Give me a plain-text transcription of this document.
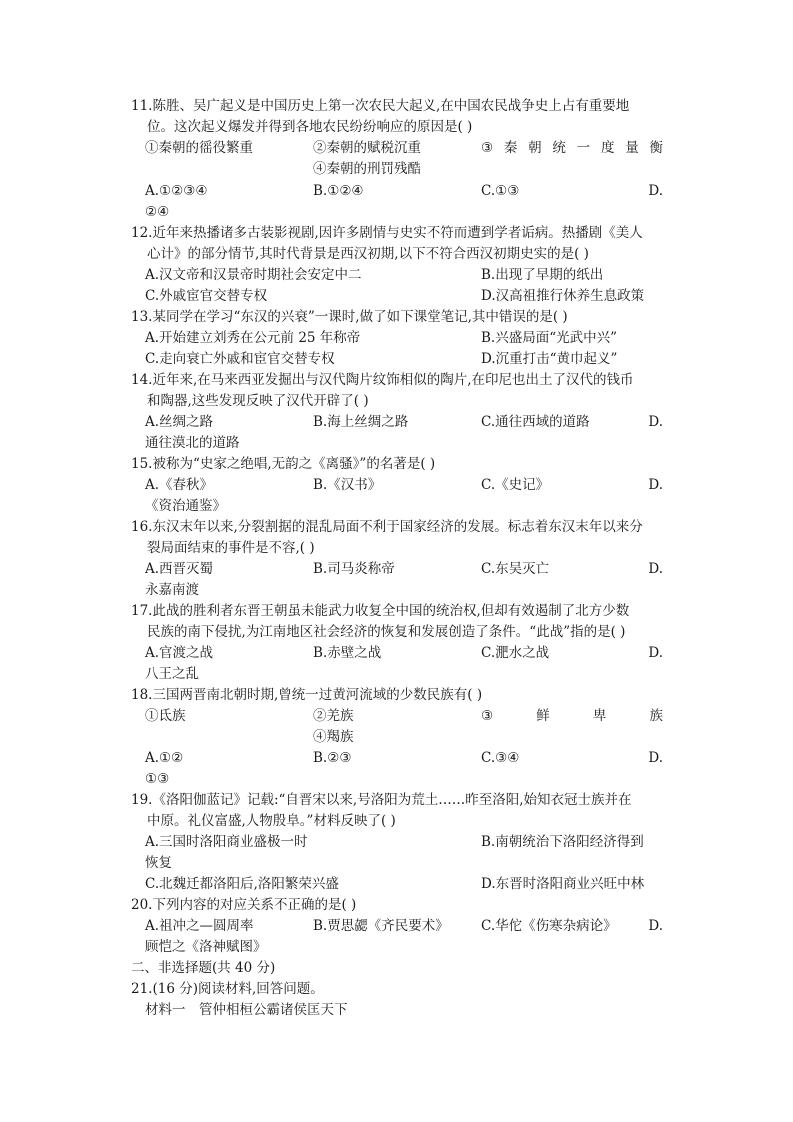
11.陈胜、吴广起义是中国历史上第一次农民大起义,在中国农民战争史上占有重要地
位。这次起义爆发并得到各地农民纷纷响应的原因是( )
①秦朝的徭役繁重	②秦朝的赋税沉重	③ 秦 朝 统 一 度 量 衡
④秦朝的刑罚残酷
A.①②③④	B.①②④	C.①③	D.
②④
12.近年来热播诸多古装影视剧,因许多剧情与史实不符而遭到学者诟病。热播剧《美人
心计》的部分情节,其时代背景是西汉初期,以下不符合西汉初期史实的是( )
A.汉文帝和汉景帝时期社会安定中二	B.出现了早期的纸出
C.外戚宦官交替专权	D.汉高祖推行休养生息政策
13.某同学在学习“东汉的兴衰”一课时,做了如下课堂笔记,其中错误的是( )
A.开始建立刘秀在公元前 25 年称帝	B.兴盛局面“光武中兴”
C.走向衰亡外戚和宦官交替专权	D.沉重打击“黄巾起义”
14.近年来,在马来西亚发掘出与汉代陶片纹饰相似的陶片,在印尼也出土了汉代的钱币
和陶器,这些发现反映了汉代开辟了( )
A.丝绸之路	B.海上丝绸之路	C.通往西域的道路	D.
通往漠北的道路
15.被称为“史家之绝唱,无韵之《离骚》”的名著是( )
A.《春秋》	B.《汉书》	C.《史记》	D.
《资治通鉴》
16.东汉末年以来,分裂割据的混乱局面不利于国家经济的发展。标志着东汉末年以来分
裂局面结束的事件是不容,( )
A.西晋灭蜀	B.司马炎称帝	C.东吴灭亡	D.
永嘉南渡
17.此战的胜利者东晋王朝虽未能武力收复全中国的统治权,但却有效遏制了北方少数
民族的南下侵扰,为江南地区社会经济的恢复和发展创造了条件。“此战”指的是( )
A.官渡之战	B.赤壁之战	C.淝水之战	D.
八王之乱
18.三国两晋南北朝时期,曾统一过黄河流域的少数民族有( )
①氐族	②羌族	③	鲜	卑	族
④羯族
A.①②	B.②③	C.③④	D.
①③
19.《洛阳伽蓝记》记载:“自晋宋以来,号洛阳为荒土……昨至洛阳,始知衣冠士族并在
中原。礼仪富盛,人物殷阜。”材料反映了( )
A.三国时洛阳商业盛极一时	B.南朝统治下洛阳经济得到
恢复
C.北魏迁都洛阳后,洛阳繁荣兴盛	D.东晋时洛阳商业兴旺中林
20.下列内容的对应关系不正确的是( )
A.祖冲之—圆周率	B.贾思勰《齐民要术》 C.华佗《伤寒杂病论》 D.
顾恺之《洛神赋图》
二、非选择题(共 40 分)
21.(16 分)阅读材料,回答问题。
材料一　管仲相桓公霸诸侯匡天下
